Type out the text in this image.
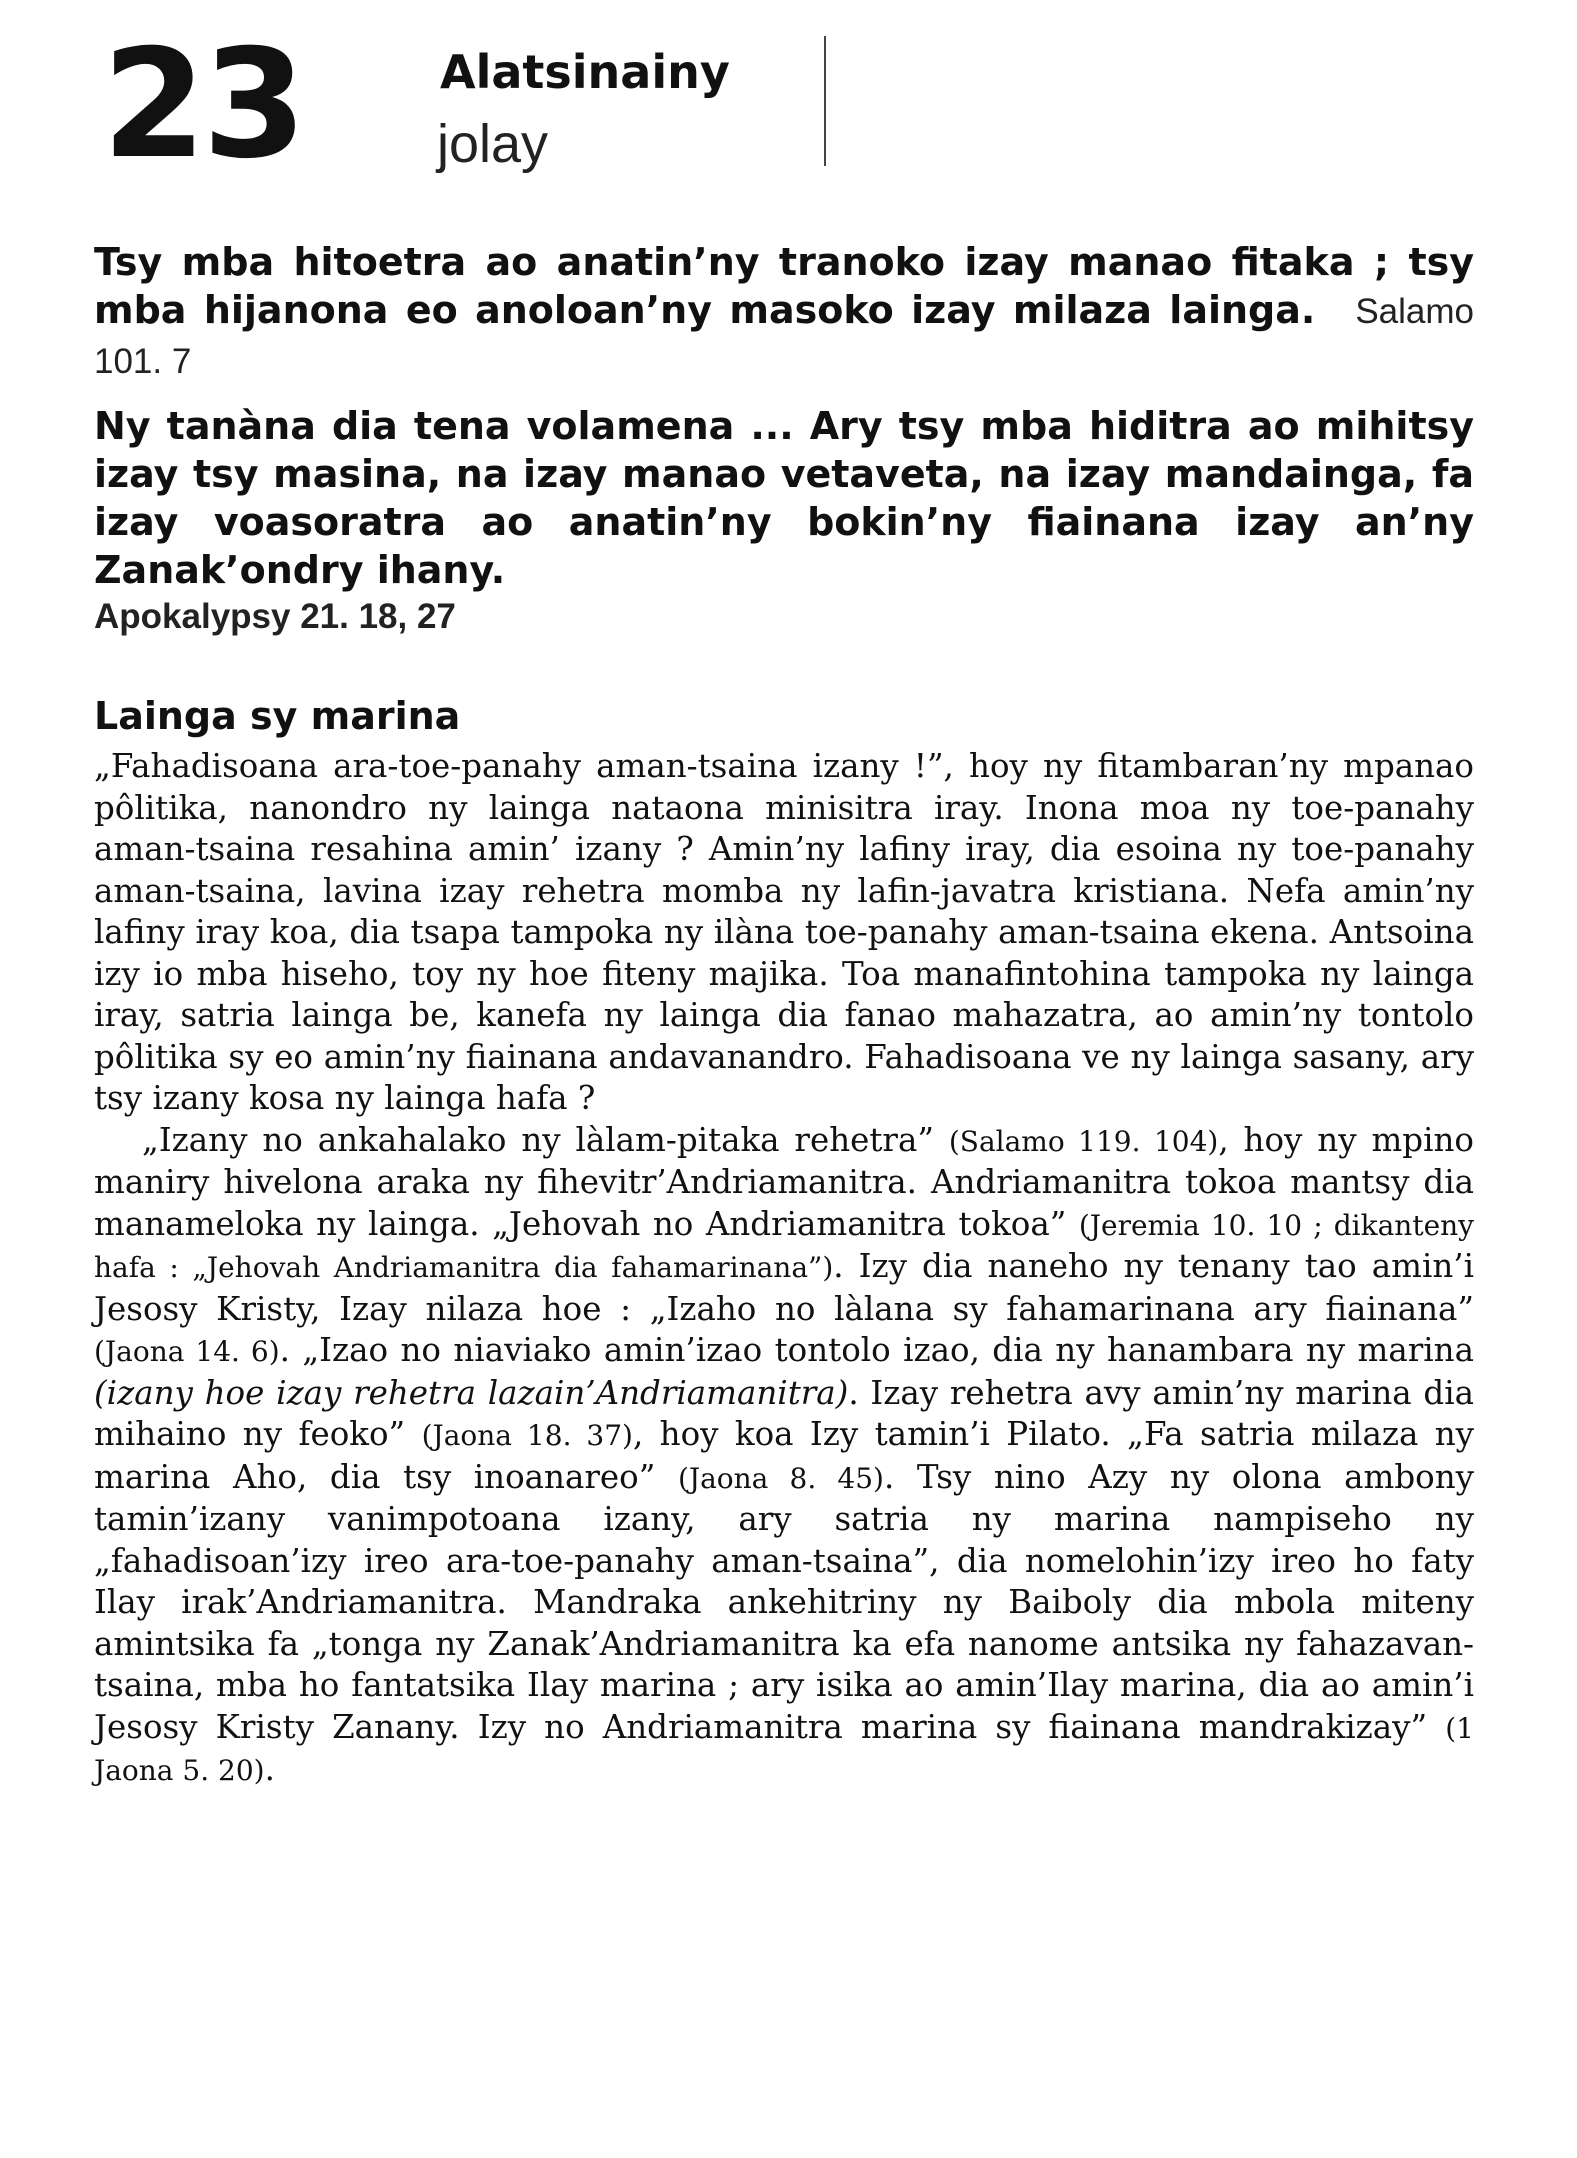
23	Alatsinainy
jolay

Tsy mba hitoetra ao anatin’ny tranoko izay manao fitaka ; tsy mba hijanona eo anoloan’ny masoko izay milaza lainga. Salamo 101. 7

Ny tanàna dia tena volamena ... Ary tsy mba hiditra ao mihitsy izay tsy masina, na izay manao vetaveta, na izay mandainga, fa izay voasoratra ao anatin’ny bokin’ny fiainana izay an’ny Zanak’ondry ihany.
Apokalypsy 21. 18, 27

Lainga sy marina

„Fahadisoana ara-toe-panahy aman-tsaina izany !”, hoy ny fitambaran’ny mpanao pôlitika, nanondro ny lainga nataona minisitra iray. Inona moa ny toe-panahy aman-tsaina resahina amin’ izany ? Amin’ny lafiny iray, dia esoina ny toe-panahy aman-tsaina, lavina izay rehetra momba ny lafin-javatra kristiana. Nefa amin’ny lafiny iray koa, dia tsapa tampoka ny ilàna toe-panahy aman-tsaina ekena. Antsoina izy io mba hiseho, toy ny hoe fiteny majika. Toa manafintohina tampoka ny lainga iray, satria lainga be, kanefa ny lainga dia fanao mahazatra, ao amin’ny tontolo pôlitika sy eo amin’ny fiainana andavanandro. Fahadisoana ve ny lainga sasany, ary tsy izany kosa ny lainga hafa ?

„Izany no ankahalako ny làlam-pitaka rehetra” (Salamo 119. 104), hoy ny mpino maniry hivelona araka ny fihevitr’Andriamanitra. Andriamanitra tokoa mantsy dia manameloka ny lainga. „Jehovah no Andriamanitra tokoa” (Jeremia 10. 10 ; dikanteny hafa : „Jehovah Andriamanitra dia fahamarinana”). Izy dia naneho ny tenany tao amin’i Jesosy Kristy, Izay nilaza hoe : „Izaho no làlana sy fahamarinana ary fiainana” (Jaona 14. 6). „Izao no niaviako amin’izao tontolo izao, dia ny hanambara ny marina (izany hoe izay rehetra lazain’Andriamanitra). Izay rehetra avy amin’ny marina dia mihaino ny feoko” (Jaona 18. 37), hoy koa Izy tamin’i Pilato. „Fa satria milaza ny marina Aho, dia tsy inoanareo” (Jaona 8. 45). Tsy nino Azy ny olona ambony tamin’izany vanimpotoana izany, ary satria ny marina nampiseho ny „fahadisoan’izy ireo ara-toe-panahy aman-tsaina”, dia nomelohin’izy ireo ho faty Ilay irak’Andriamanitra. Mandraka ankehitriny ny Baiboly dia mbola miteny amintsika fa „tonga ny Zanak’Andriamanitra ka efa nanome antsika ny fahazavan-tsaina, mba ho fantatsika Ilay marina ; ary isika ao amin’Ilay marina, dia ao amin’i Jesosy Kristy Zanany. Izy no Andriamanitra marina sy fiainana mandrakizay” (1 Jaona 5. 20).
